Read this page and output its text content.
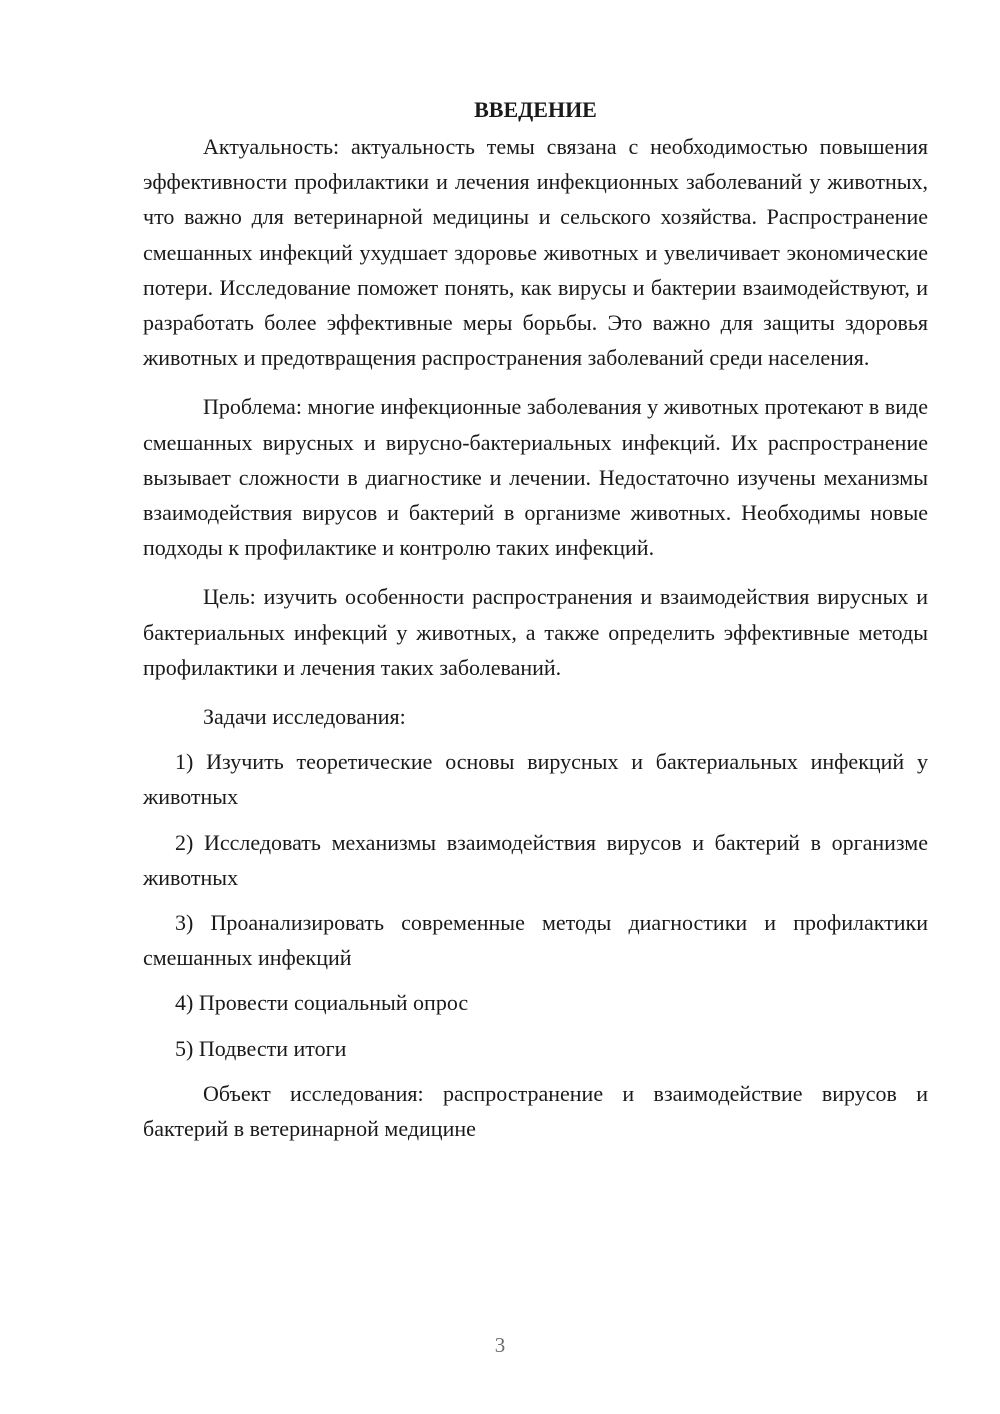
ВВЕДЕНИЕ

Актуальность: актуальность темы связана с необходимостью повышения эффективности профилактики и лечения инфекционных заболеваний у животных, что важно для ветеринарной медицины и сельского хозяйства. Распространение смешанных инфекций ухудшает здоровье животных и увеличивает экономические потери. Исследование поможет понять, как вирусы и бактерии взаимодействуют, и разработать более эффективные меры борьбы. Это важно для защиты здоровья животных и предотвращения распространения заболеваний среди населения.

Проблема: многие инфекционные заболевания у животных протекают в виде смешанных вирусных и вирусно-бактериальных инфекций. Их распространение вызывает сложности в диагностике и лечении. Недостаточно изучены механизмы взаимодействия вирусов и бактерий в организме животных. Необходимы новые подходы к профилактике и контролю таких инфекций.

Цель: изучить особенности распространения и взаимодействия вирусных и бактериальных инфекций у животных, а также определить эффективные методы профилактики и лечения таких заболеваний.

Задачи исследования:

1) Изучить теоретические основы вирусных и бактериальных инфекций у животных

2) Исследовать механизмы взаимодействия вирусов и бактерий в организме животных

3) Проанализировать современные методы диагностики и профилактики смешанных инфекций

4) Провести социальный опрос

5) Подвести итоги

Объект исследования: распространение и взаимодействие вирусов и бактерий в ветеринарной медицине

3
